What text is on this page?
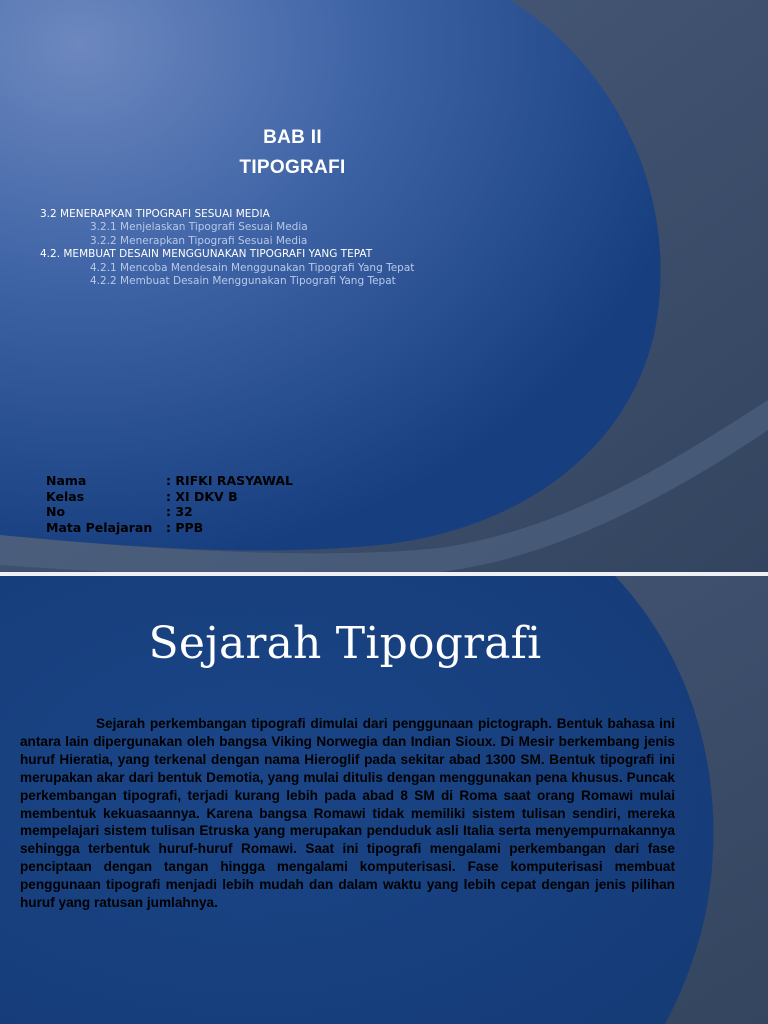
BAB II
TIPOGRAFI
3.2 MENERAPKAN TIPOGRAFI SESUAI MEDIA
3.2.1 Menjelaskan Tipografi Sesuai Media
3.2.2 Menerapkan Tipografi Sesuai Media
4.2. MEMBUAT DESAIN MENGGUNAKAN TIPOGRAFI YANG TEPAT
4.2.1 Mencoba Mendesain Menggunakan Tipografi Yang Tepat
4.2.2 Membuat Desain Menggunakan Tipografi Yang Tepat
Nama	: RIFKI RASYAWAL
Kelas	: XI DKV B
No	: 32
Mata Pelajaran	: PPB
Sejarah Tipografi
Sejarah perkembangan tipografi dimulai dari penggunaan pictograph. Bentuk bahasa ini antara lain dipergunakan oleh bangsa Viking Norwegia dan Indian Sioux. Di Mesir berkembang jenis huruf Hieratia, yang terkenal dengan nama Hieroglif pada sekitar abad 1300 SM. Bentuk tipografi ini merupakan akar dari bentuk Demotia, yang mulai ditulis dengan menggunakan pena khusus. Puncak perkembangan tipografi, terjadi kurang lebih pada abad 8 SM di Roma saat orang Romawi mulai membentuk kekuasaannya. Karena bangsa Romawi tidak memiliki sistem tulisan sendiri, mereka mempelajari sistem tulisan Etruska yang merupakan penduduk asli Italia serta menyempurnakannya sehingga terbentuk huruf-huruf Romawi. Saat ini tipografi mengalami perkembangan dari fase penciptaan dengan tangan hingga mengalami komputerisasi. Fase komputerisasi membuat penggunaan tipografi menjadi lebih mudah dan dalam waktu yang lebih cepat dengan jenis pilihan huruf yang ratusan jumlahnya.
